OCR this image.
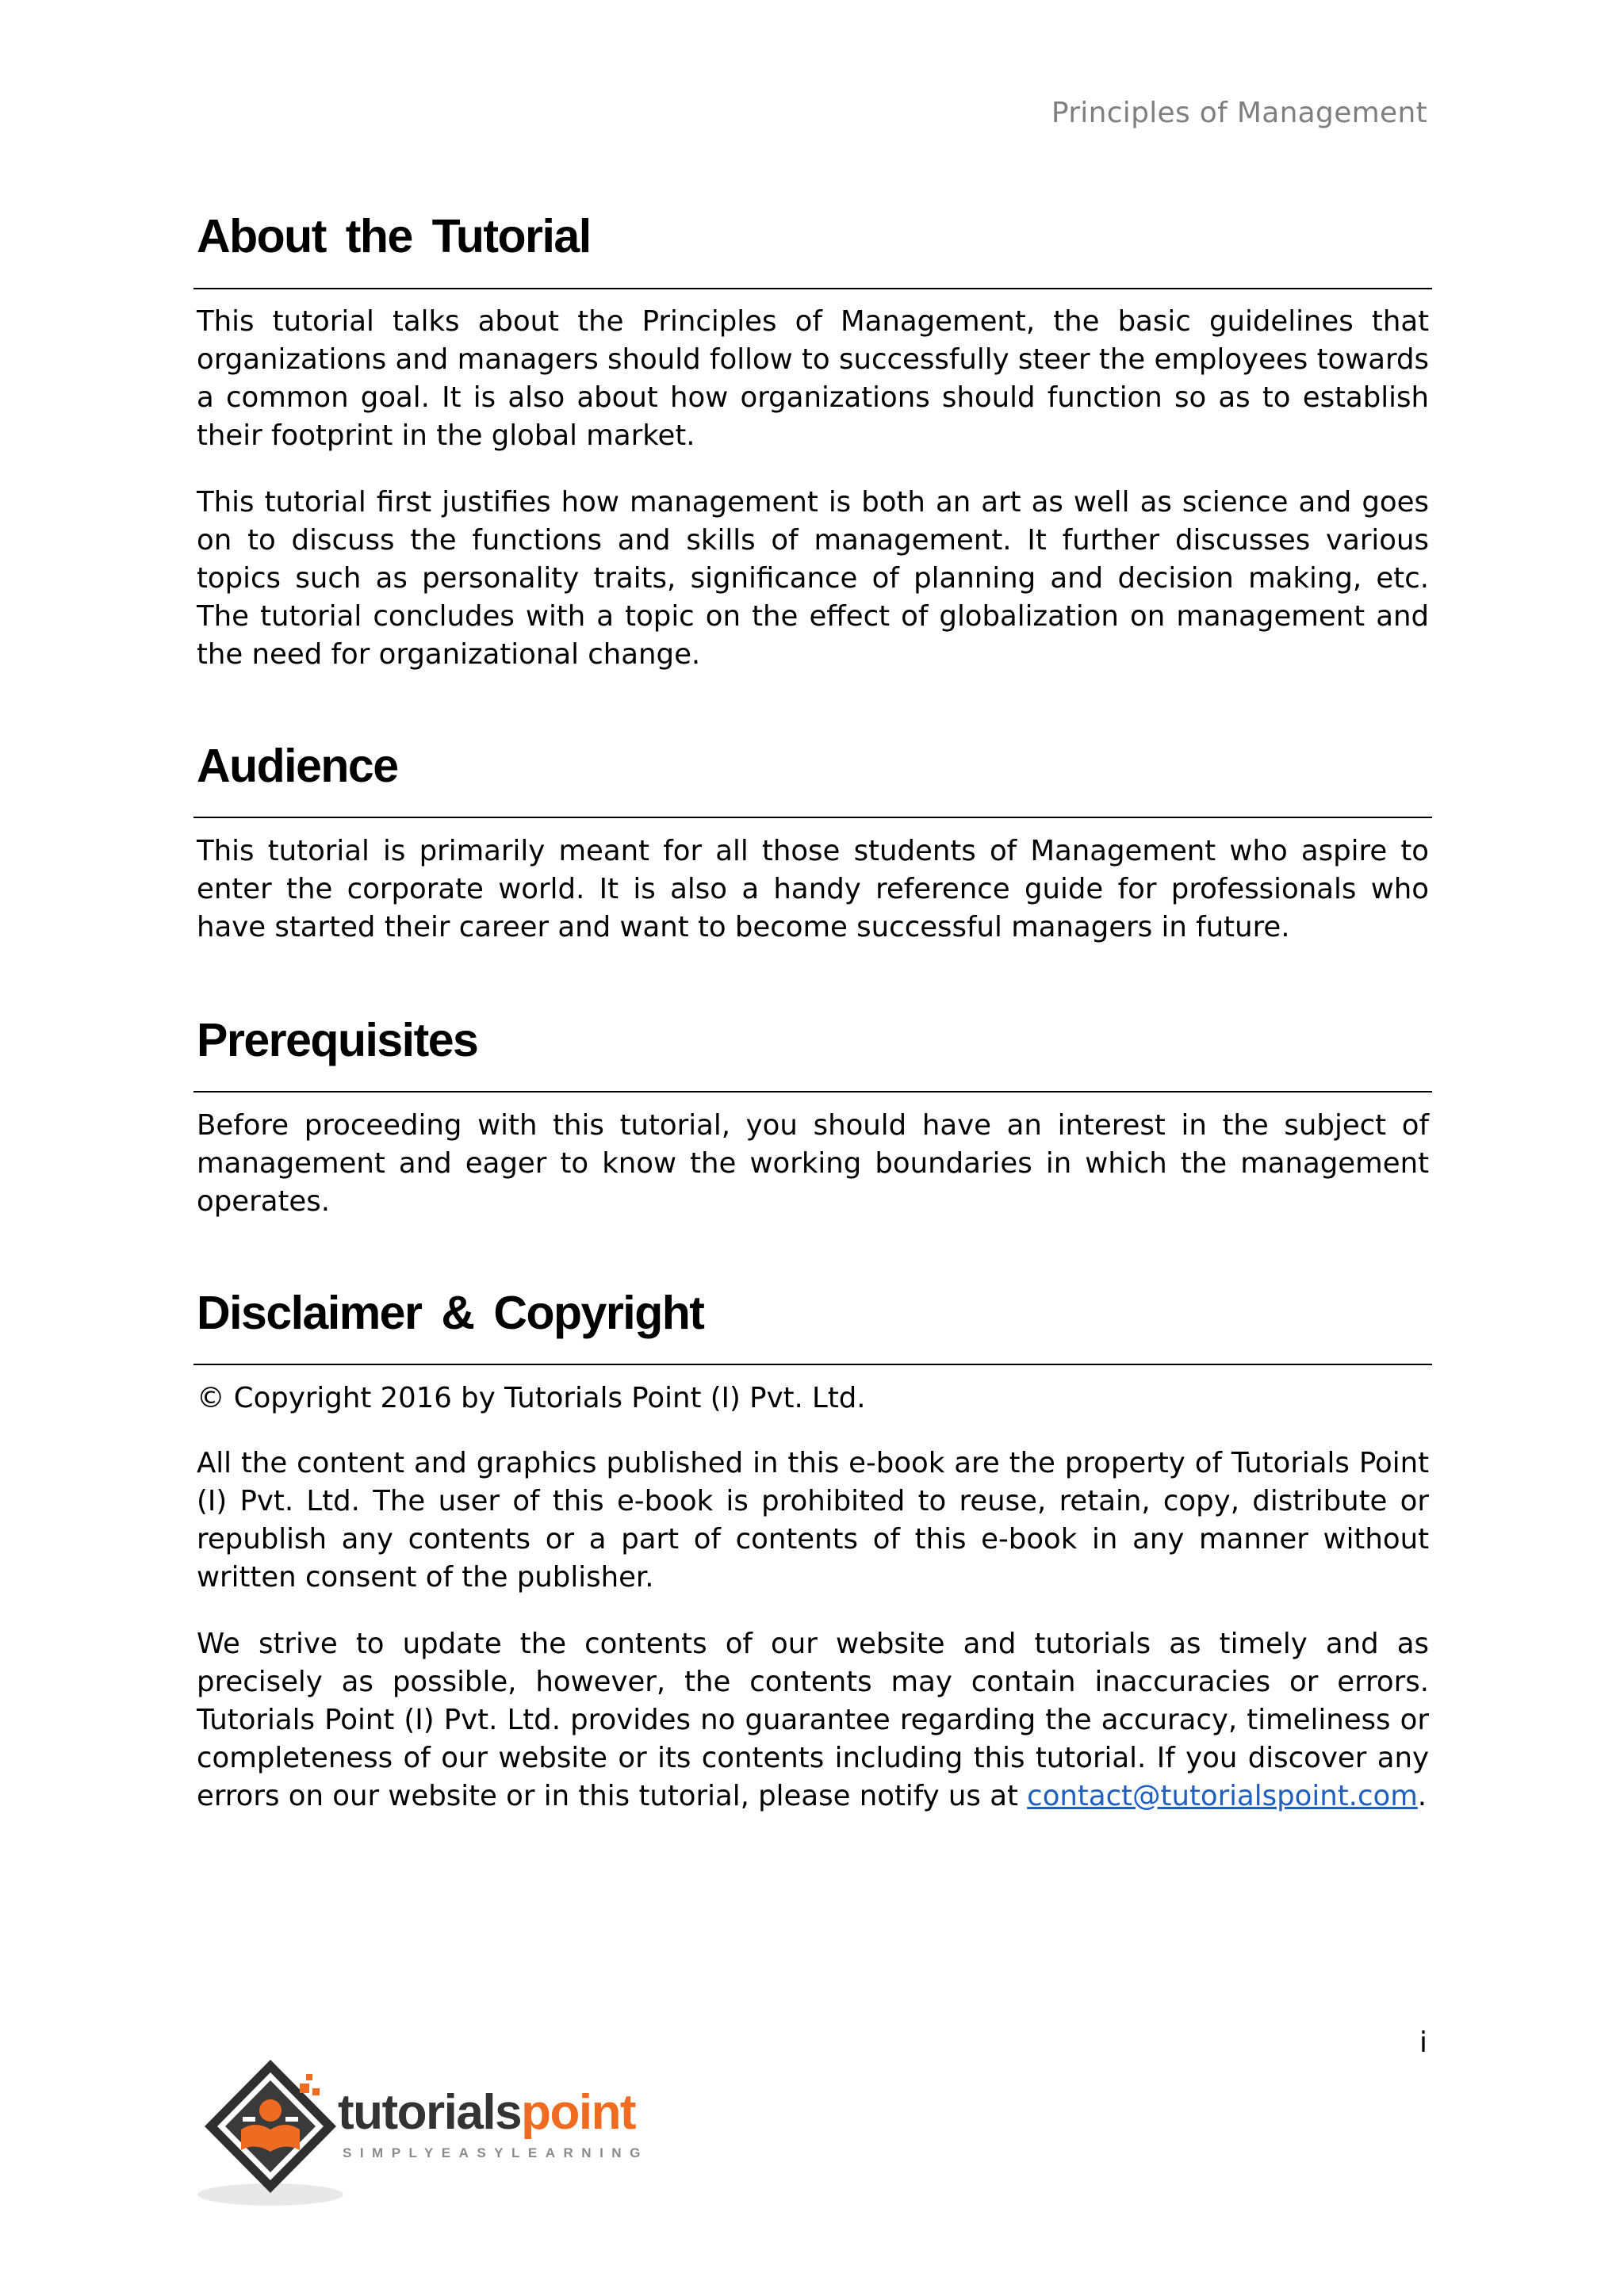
Principles of Management
About the Tutorial

This tutorial talks about the Principles of Management, the basic guidelines that organizations and managers should follow to successfully steer the employees towards a common goal. It is also about how organizations should function so as to establish their footprint in the global market.

This tutorial first justifies how management is both an art as well as science and goes on to discuss the functions and skills of management. It further discusses various topics such as personality traits, significance of planning and decision making, etc. The tutorial concludes with a topic on the effect of globalization on management and the need for organizational change.

Audience

This tutorial is primarily meant for all those students of Management who aspire to enter the corporate world. It is also a handy reference guide for professionals who have started their career and want to become successful managers in future.

Prerequisites

Before proceeding with this tutorial, you should have an interest in the subject of management and eager to know the working boundaries in which the management operates.

Disclaimer & Copyright

© Copyright 2016 by Tutorials Point (I) Pvt. Ltd.

All the content and graphics published in this e-book are the property of Tutorials Point (I) Pvt. Ltd. The user of this e-book is prohibited to reuse, retain, copy, distribute or republish any contents or a part of contents of this e-book in any manner without written consent of the publisher.

We strive to update the contents of our website and tutorials as timely and as precisely as possible, however, the contents may contain inaccuracies or errors. Tutorials Point (I) Pvt. Ltd. provides no guarantee regarding the accuracy, timeliness or completeness of our website or its contents including this tutorial. If you discover any errors on our website or in this tutorial, please notify us at contact@tutorialspoint.com.

i
tutorialspoint
SIMPLYEASYLEARNING
